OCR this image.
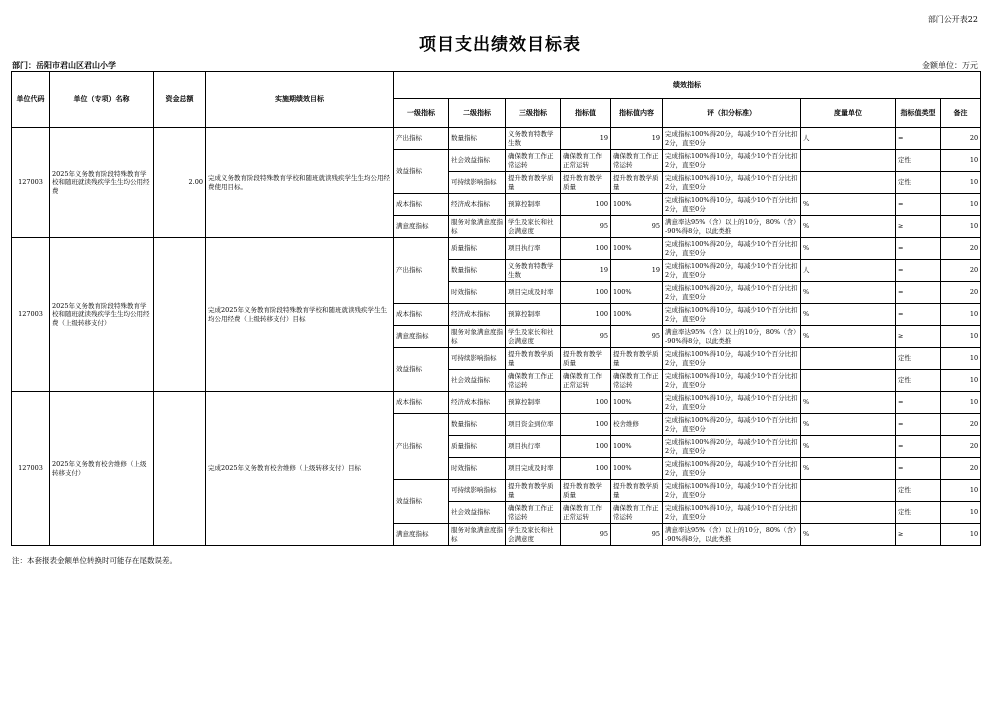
部门公开表22
项目支出绩效目标表
部门：岳阳市君山区君山小学	金额单位：万元
单位代码	单位（专项）名称	资金总额	实施期绩效目标	绩效指标								
				一级指标	二级指标	三级指标	指标值	指标值内容	评（扣分标准）	度量单位	指标值类型	备注
127003	2025年义务教育阶段特殊教育学校和随班就读残疾学生生均公用经费	2.00	完成义务教育阶段特殊教育学校和随班就读残疾学生生均公用经费使用目标。	产出指标	数量指标	义务教育特教学生数	19	19	完成指标100%得20分，每减少10个百分比扣2分，直至0分	人	=	20
				效益指标	社会效益指标	确保教育工作正常运转	确保教育工作正常运转	确保教育工作正常运转	完成指标100%得10分，每减少10个百分比扣2分，直至0分		定性	10
					可持续影响指标	提升教育教学质量	提升教育教学质量	提升教育教学质量	完成指标100%得10分，每减少10个百分比扣2分，直至0分		定性	10
				成本指标	经济成本指标	预算控制率	100	100%	完成指标100%得10分，每减少10个百分比扣2分，直至0分	%	=	10
				满意度指标	服务对象满意度指标	学生及家长和社会满意度	95	95	满意率达95%（含）以上的10分，80%（含）-90%得8分，以此类推	%	≥	10
127003	2025年义务教育阶段特殊教育学校和随班就读残疾学生生均公用经费（上级转移支付）		完成2025年义务教育阶段特殊教育学校和随班就读残疾学生生均公用经费（上级转移支付）目标	产出指标	质量指标	项目执行率	100	100%	完成指标100%得20分，每减少10个百分比扣2分，直至0分	%	=	20
					数量指标	义务教育特教学生数	19	19	完成指标100%得20分，每减少10个百分比扣2分，直至0分	人	=	20
					时效指标	项目完成及时率	100	100%	完成指标100%得20分，每减少10个百分比扣2分，直至0分	%	=	20
				成本指标	经济成本指标	预算控制率	100	100%	完成指标100%得10分，每减少10个百分比扣2分，直至0分	%	=	10
				满意度指标	服务对象满意度指标	学生及家长和社会满意度	95	95	满意率达95%（含）以上的10分，80%（含）-90%得8分，以此类推	%	≥	10
				效益指标	可持续影响指标	提升教育教学质量	提升教育教学质量	提升教育教学质量	完成指标100%得10分，每减少10个百分比扣2分，直至0分		定性	10
					社会效益指标	确保教育工作正常运转	确保教育工作正常运转	确保教育工作正常运转	完成指标100%得10分，每减少10个百分比扣2分，直至0分		定性	10
127003	2025年义务教育校舍维修（上级转移支付）		完成2025年义务教育校舍维修（上级转移支付）目标	成本指标	经济成本指标	预算控制率	100	100%	完成指标100%得10分，每减少10个百分比扣2分，直至0分	%	=	10
				产出指标	数量指标	项目资金到位率	100	校舍维修	完成指标100%得20分，每减少10个百分比扣2分，直至0分	%	=	20
					质量指标	项目执行率	100	100%	完成指标100%得20分，每减少10个百分比扣2分，直至0分	%	=	20
					时效指标	项目完成及时率	100	100%	完成指标100%得20分，每减少10个百分比扣2分，直至0分	%	=	20
				效益指标	可持续影响指标	提升教育教学质量	提升教育教学质量	提升教育教学质量	完成指标100%得10分，每减少10个百分比扣2分，直至0分		定性	10
					社会效益指标	确保教育工作正常运转	确保教育工作正常运转	确保教育工作正常运转	完成指标100%得10分，每减少10个百分比扣2分，直至0分		定性	10
				满意度指标	服务对象满意度指标	学生及家长和社会满意度	95	95	满意率达95%（含）以上的10分，80%（含）-90%得8分，以此类推	%	≥	10
注：本套报表金额单位转换时可能存在尾数误差。
